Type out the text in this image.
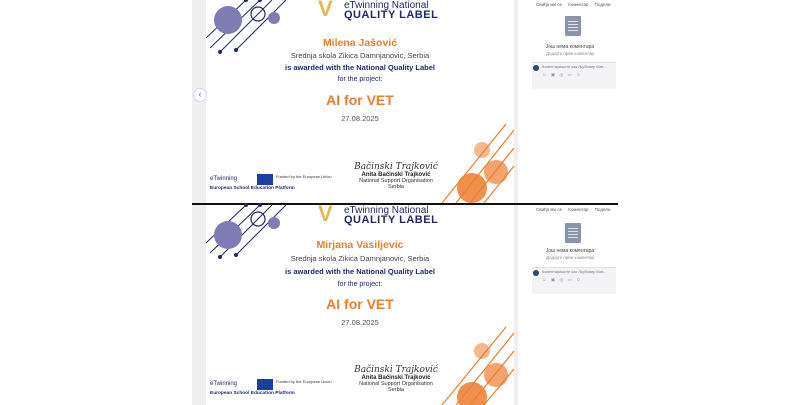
V eTwinning National
QUALITY LABEL
Milena Jašović
Srednja skola Zikica Damnjanovic, Serbia
is awarded with the National Quality Label
for the project:
AI for VET
27.08.2025
Bačinski Trajković
Anita Bačinski Trajković
National Support Organisation
Serbia
eTwinning	Funded by the European Union
European School Education Platform
‹
Свиђа ми се Коментар Подели
Још нема коментара
Додајте први коментар
Коментаришите као Љубомир Мат...
☺ ▣ ◎ ▭ ☺
V eTwinning National
QUALITY LABEL
Mirjana Vasiljevic
Srednja skola Zikica Damnjanovic, Serbia
is awarded with the National Quality Label
for the project:
AI for VET
27.08.2025
Bačinski Trajković
Anita Bačinski Trajković
National Support Organisation
Serbia
eTwinning	Funded by the European Union
European School Education Platform
Свиђа ми се Коментар Подели
Још нема коментара
Додајте први коментар
Коментаришите као Љубомир Мат...
☺ ▣ ◎ ▭ ☺
